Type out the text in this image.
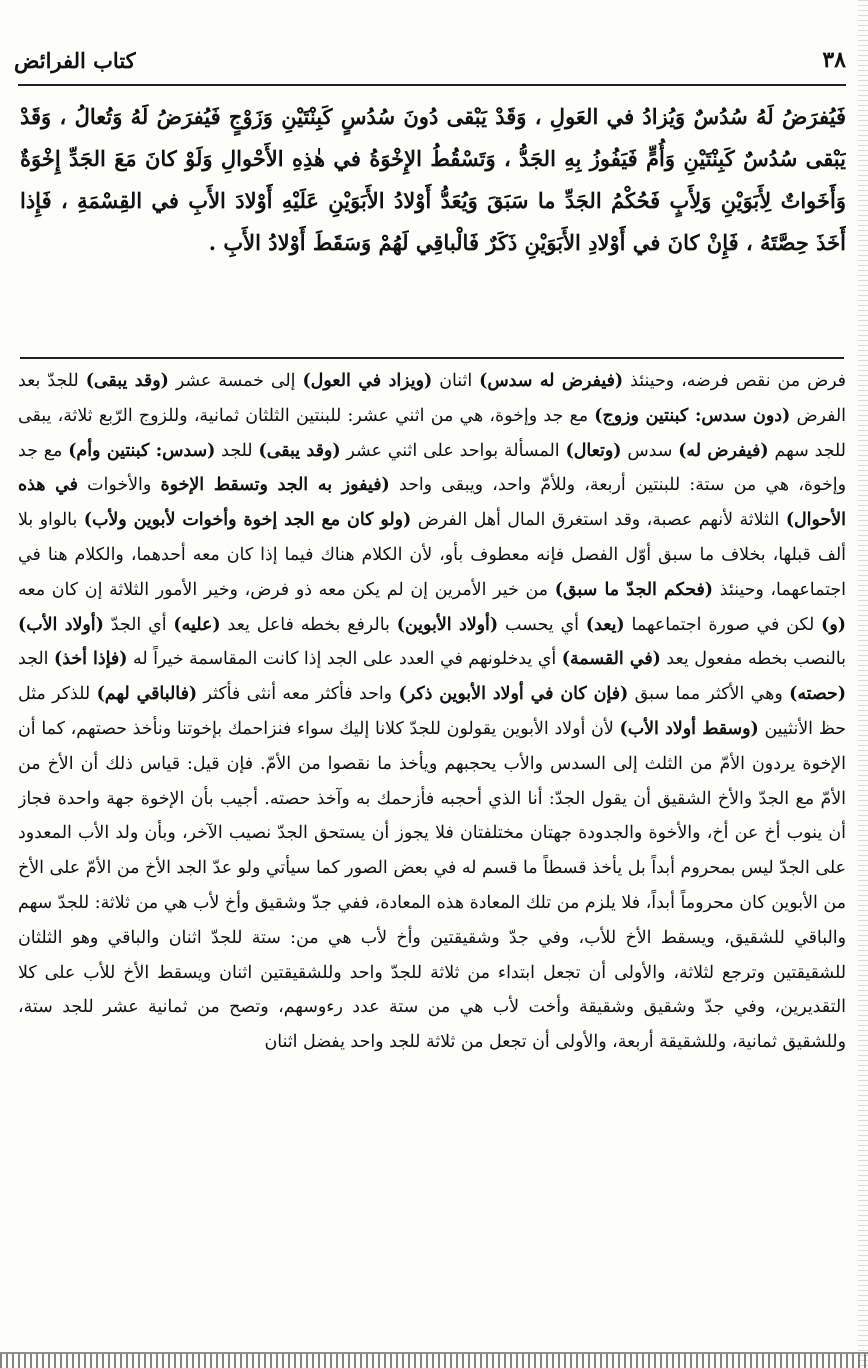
٣٨
كتاب الفرائض

فَيُفرَضُ لَهُ سُدُسٌ وَيُزادُ في العَولِ ، وَقَدْ يَبْقى دُونَ سُدُسٍ كَبِنْتَيْنِ وَزَوْجٍ فَيُفرَضُ لَهُ وَتُعالُ ، وَقَدْ يَبْقى سُدُسٌ كَبِنْتَيْنِ وَأُمٍّ فَيَفُوزُ بِهِ الجَدُّ ، وَتَسْقُطُ الإِخْوَةُ في هٰذِهِ الأَحْوالِ وَلَوْ كانَ مَعَ الجَدِّ إِخْوَةٌ وَأَخَواتٌ لِأَبَوَيْنِ وَلِأَبٍ فَحُكْمُ الجَدِّ ما سَبَقَ وَيُعَدُّ أَوْلادُ الأَبَوَيْنِ عَلَيْهِ أَوْلادَ الأَبِ في القِسْمَةِ ، فَإِذا أَخَذَ حِصَّتَهُ ، فَإِنْ كانَ في أَوْلادِ الأَبَوَيْنِ ذَكَرٌ فَالْباقِي لَهُمْ وَسَقَطَ أَوْلادُ الأَبِ .

فرض من نقص فرضه، وحينئذ (فيفرض له سدس) اثنان (ويزاد في العول) إلى خمسة عشر (وقد يبقى) للجدّ بعد الفرض (دون سدس: كبنتين وزوج) مع جد وإخوة، هي من اثني عشر: للبنتين الثلثان ثمانية، وللزوج الرّبع ثلاثة، يبقى للجد سهم (فيفرض له) سدس (وتعال) المسألة بواحد على اثني عشر (وقد يبقى) للجد (سدس: كبنتين وأم) مع جد وإخوة، هي من ستة: للبنتين أربعة، وللأمّ واحد، ويبقى واحد (فيفوز به الجد وتسقط الإخوة والأخوات في هذه الأحوال) الثلاثة لأنهم عصبة، وقد استغرق المال أهل الفرض (ولو كان مع الجد إخوة وأخوات لأبوين ولأب) بالواو بلا ألف قبلها، بخلاف ما سبق أوّل الفصل فإنه معطوف بأو، لأن الكلام هناك فيما إذا كان معه أحدهما، والكلام هنا في اجتماعهما، وحينئذ (فحكم الجدّ ما سبق) من خير الأمرين إن لم يكن معه ذو فرض، وخير الأمور الثلاثة إن كان معه (و) لكن في صورة اجتماعهما (يعد) أي يحسب (أولاد الأبوين) بالرفع بخطه فاعل يعد (عليه) أي الجدّ (أولاد الأب) بالنصب بخطه مفعول يعد (في القسمة) أي يدخلونهم في العدد على الجد إذا كانت المقاسمة خيراً له (فإذا أخذ) الجد (حصته) وهي الأكثر مما سبق (فإن كان في أولاد الأبوين ذكر) واحد فأكثر معه أنثى فأكثر (فالباقي لهم) للذكر مثل حظ الأنثيين (وسقط أولاد الأب) لأن أولاد الأبوين يقولون للجدّ كلانا إليك سواء فنزاحمك بإخوتنا ونأخذ حصتهم، كما أن الإخوة يردون الأمّ من الثلث إلى السدس والأب يحجبهم ويأخذ ما نقصوا من الأمّ. فإن قيل: قياس ذلك أن الأخ من الأمّ مع الجدّ والأخ الشقيق أن يقول الجدّ: أنا الذي أحجبه فأزحمك به وآخذ حصته. أجيب بأن الإخوة جهة واحدة فجاز أن ينوب أخ عن أخ، والأخوة والجدودة جهتان مختلفتان فلا يجوز أن يستحق الجدّ نصيب الآخر، وبأن ولد الأب المعدود على الجدّ ليس بمحروم أبداً بل يأخذ قسطاً ما قسم له في بعض الصور كما سيأتي ولو عدّ الجد الأخ من الأمّ على الأخ من الأبوين كان محروماً أبداً، فلا يلزم من تلك المعادة هذه المعادة، ففي جدّ وشقيق وأخ لأب هي من ثلاثة: للجدّ سهم والباقي للشقيق، ويسقط الأخ للأب، وفي جدّ وشقيقتين وأخ لأب هي من: ستة للجدّ اثنان والباقي وهو الثلثان للشقيقتين وترجع لثلاثة، والأولى أن تجعل ابتداء من ثلاثة للجدّ واحد وللشقيقتين اثنان ويسقط الأخ للأب على كلا التقديرين، وفي جدّ وشقيق وشقيقة وأخت لأب هي من ستة عدد رءوسهم، وتصح من ثمانية عشر للجد ستة، وللشقيق ثمانية، وللشقيقة أربعة، والأولى أن تجعل من ثلاثة للجد واحد يفضل اثنان
